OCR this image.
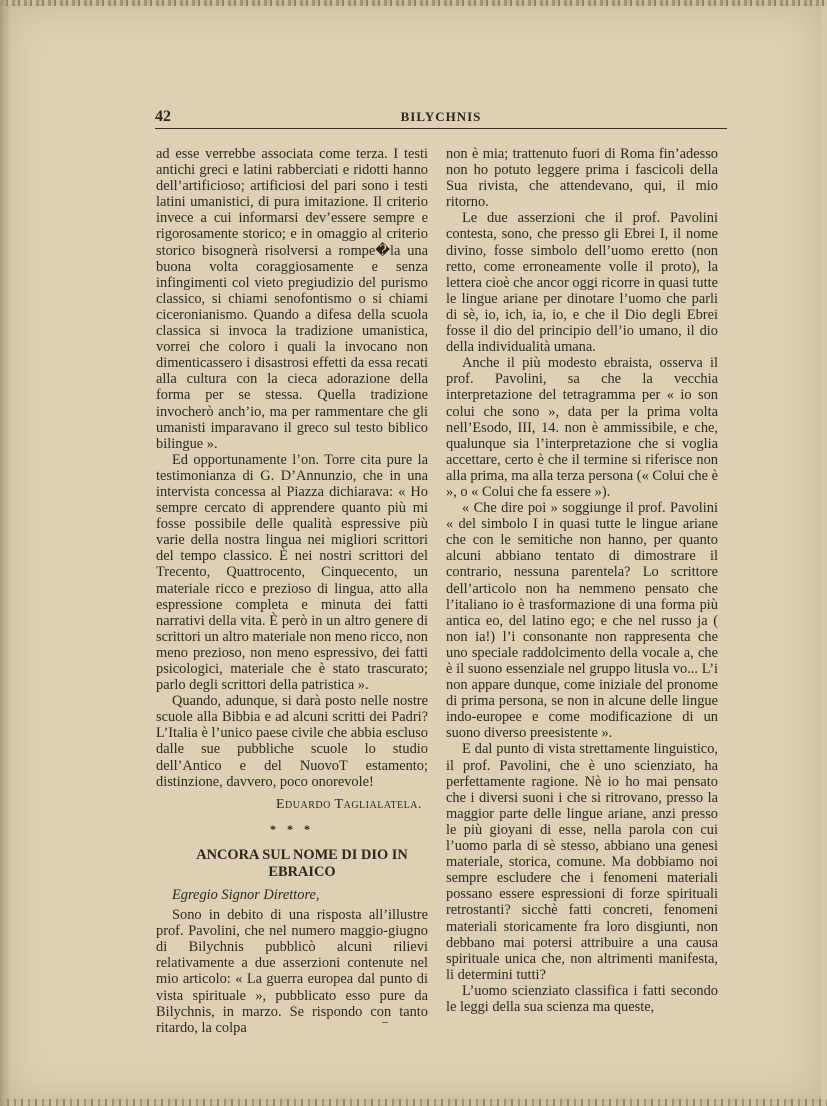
42	BILYCHNIS

ad esse verrebbe associata come terza. I testi antichi greci e latini rabberciati e ridotti hanno dell’artificioso; artificiosi del pari sono i testi latini umanistici, di pura imitazione. Il criterio invece a cui informarsi dev’essere sempre e rigorosamente storico; e in omaggio al criterio storico bisognerà risolversi a rompe�la una buona volta coraggiosamente e senza infingimenti col vieto pregiudizio del purismo classico, si chiami senofontismo o si chiami ciceronianismo. Quando a difesa della scuola classica si invoca la tradizione umanistica, vorrei che coloro i quali la invocano non dimenticassero i disastrosi effetti da essa recati alla cultura con la cieca adorazione della forma per se stessa. Quella tradizione invocherò anch’io, ma per rammentare che gli umanisti imparavano il greco sul testo biblico bilingue ».

Ed opportunamente l’on. Torre cita pure la testimonianza di G. D’Annunzio, che in una intervista concessa al Piazza dichiarava: « Ho sempre cercato di apprendere quanto più mi fosse possibile delle qualità espressive più varie della nostra lingua nei migliori scrittori del tempo classico. È nei nostri scrittori del Trecento, Quattrocento, Cinquecento, un materiale ricco e prezioso di lingua, atto alla espressione completa e minuta dei fatti narrativi della vita. È però in un altro genere di scrittori un altro materiale non meno ricco, non meno prezioso, non meno espressivo, dei fatti psicologici, materiale che è stato trascurato; parlo degli scrittori della patristica ».

Quando, adunque, si darà posto nelle nostre scuole alla Bibbia e ad alcuni scritti dei Padri? L’Italia è l’unico paese civile che abbia escluso dalle sue pubbliche scuole lo studio dell’Antico e del NuovoT estamento; distinzione, davvero, poco onorevole!

Eduardo Taglialatela.
* * *
ANCORA SUL NOME DI DIO IN EBRAICO
Egregio Signor Direttore,

Sono in debito di una risposta all’illustre prof. Pavolini, che nel numero maggio-giugno di Bilychnis pubblicò alcuni rilievi relativamente a due asserzioni contenute nel mio articolo: « La guerra europea dal punto di vista spirituale », pubblicato esso pure da Bilychnis, in marzo. Se rispondo con tanto ritardo, la colpa

non è mia; trattenuto fuori di Roma fin’adesso non ho potuto leggere prima i fascicoli della Sua rivista, che attendevano, qui, il mio ritorno.

Le due asserzioni che il prof. Pavolini contesta, sono, che presso gli Ebrei I, il nome divino, fosse simbolo dell’uomo eretto (non retto, come erroneamente volle il proto), la lettera cioè che ancor oggi ricorre in quasi tutte le lingue ariane per dinotare l’uomo che parli di sè, io, ich, ia, io, e che il Dio degli Ebrei fosse il dio del principio dell’io umano, il dio della individualità umana.

Anche il più modesto ebraista, osserva il prof. Pavolini, sa che la vecchia interpretazione del tetragramma per « io son colui che sono », data per la prima volta nell’Esodo, III, 14. non è ammissibile, e che, qualunque sia l’interpretazione che si voglia accettare, certo è che il termine si riferisce non alla prima, ma alla terza persona (« Colui che è », o « Colui che fa essere »).

« Che dire poi » soggiunge il prof. Pavolini « del simbolo I in quasi tutte le lingue ariane che con le semitiche non hanno, per quanto alcuni abbiano tentato di dimostrare il contrario, nessuna parentela? Lo scrittore dell’articolo non ha nemmeno pensato che l’italiano io è trasformazione di una forma più antica eo, del latino ego; e che nel russo ja ( non ia!) l’i consonante non rappresenta che uno speciale raddolcimento della vocale a, che è il suono essenziale nel gruppo litusla vo... L’i non appare dunque, come iniziale del pronome di prima persona, se non in alcune delle lingue indo-europee e come modificazione di un suono diverso preesistente ».

E dal punto di vista strettamente linguistico, il prof. Pavolini, che è uno scienziato, ha perfettamente ragione. Nè io ho mai pensato che i diversi suoni i che si ritrovano, presso la maggior parte delle lingue ariane, anzi presso le più gioyani di esse, nella parola con cui l’uomo parla di sè stesso, abbiano una genesi materiale, storica, comune. Ma dobbiamo noi sempre escludere che i fenomeni materiali possano essere espressioni di forze spirituali retrostanti? sicchè fatti concreti, fenomeni materiali storicamente fra loro disgiunti, non debbano mai potersi attribuire a una causa spirituale unica che, non altrimenti manifesta, li determini tutti?

L’uomo scienziato classifica i fatti secondo le leggi della sua scienza ma queste,
